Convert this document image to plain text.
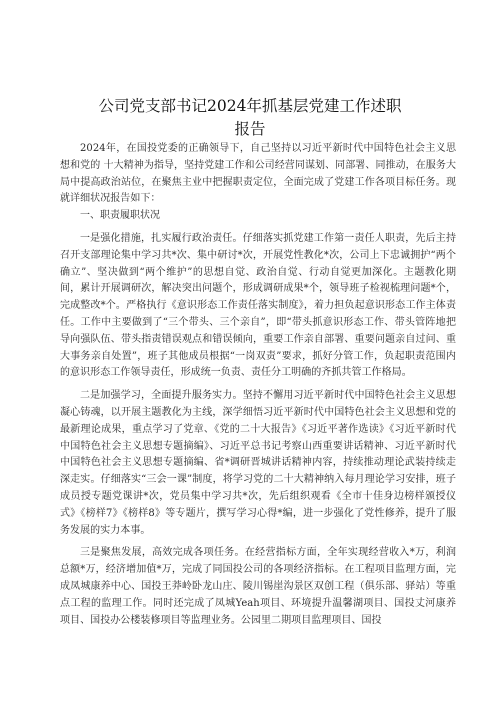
公司党支部书记2024年抓基层党建工作述职
报告

2024年，在国投党委的正确领导下，自己坚持以习近平新时代中国特色社会主义思想和党的 十大精神为指导，坚持党建工作和公司经营同谋划、同部署、同推动，在服务大局中提高政治站位，在聚焦主业中把握职责定位，全面完成了党建工作各项目标任务。现就详细状况报告如下：

一、职责履职状况

一是强化措施，扎实履行政治责任。仔细落实抓党建工作第一责任人职责，先后主持召开支部理论集中学习共*次、集中研讨*次，开展党性教化*次，公司上下忠诚拥护“两个确立”、坚决做到“两个维护”的思想自觉、政治自觉、行动自觉更加深化。主题教化期间，累计开展调研次，解决突出问题个，形成调研成果*个，领导班子检视梳理问题*个，完成整改*个。严格执行《意识形态工作责任落实制度》，着力担负起意识形态工作主体责任。工作中主要做到了“三个带头、三个亲自”，即“带头抓意识形态工作、带头管阵地把导向强队伍、带头指责错误观点和错误倾向，重要工作亲自部署、重要问题亲自过问、重大事务亲自处置”，班子其他成员根据“一岗双责”要求，抓好分管工作，负起职责范围内的意识形态工作领导责任，形成统一负责、责任分工明确的齐抓共管工作格局。

二是加强学习，全面提升服务实力。坚持不懈用习近平新时代中国特色社会主义思想凝心铸魂，以开展主题教化为主线，深学细悟习近平新时代中国特色社会主义思想和党的最新理论成果，重点学习了党章、《党的二十大报告》《习近平著作选读》《习近平新时代中国特色社会主义思想专题摘编》、习近平总书记考察山西重要讲话精神、习近平新时代中国特色社会主义思想专题摘编、省*调研晋城讲话精神内容，持续推动理论武装持续走深走实。仔细落实“三会一课”制度，将学习党的二十大精神纳入每月理论学习安排，班子成员授专题党课讲*次，党员集中学习共*次，先后组织观看《全市十佳身边榜样颁授仪式》《榜样7》《榜样8》等专题片，撰写学习心得*编，进一步强化了党性修养，提升了服务发展的实力本事。

三是聚焦发展，高效完成各项任务。在经营指标方面，全年实现经营收入*万，利润总额*万，经济增加值*万，完成了同国投公司的各项经济指标。在工程项目监理方面，完成凤城康养中心、国投王莽岭卧龙山庄、陵川锡崖沟景区双创工程（俱乐部、驿站）等重点工程的监理工作。同时还完成了凤城Yeah项目、环境提升温馨湖项目、国投丈河康养项目、国投办公楼装修项目等监理业务。公园里二期项目监理项目、国投
